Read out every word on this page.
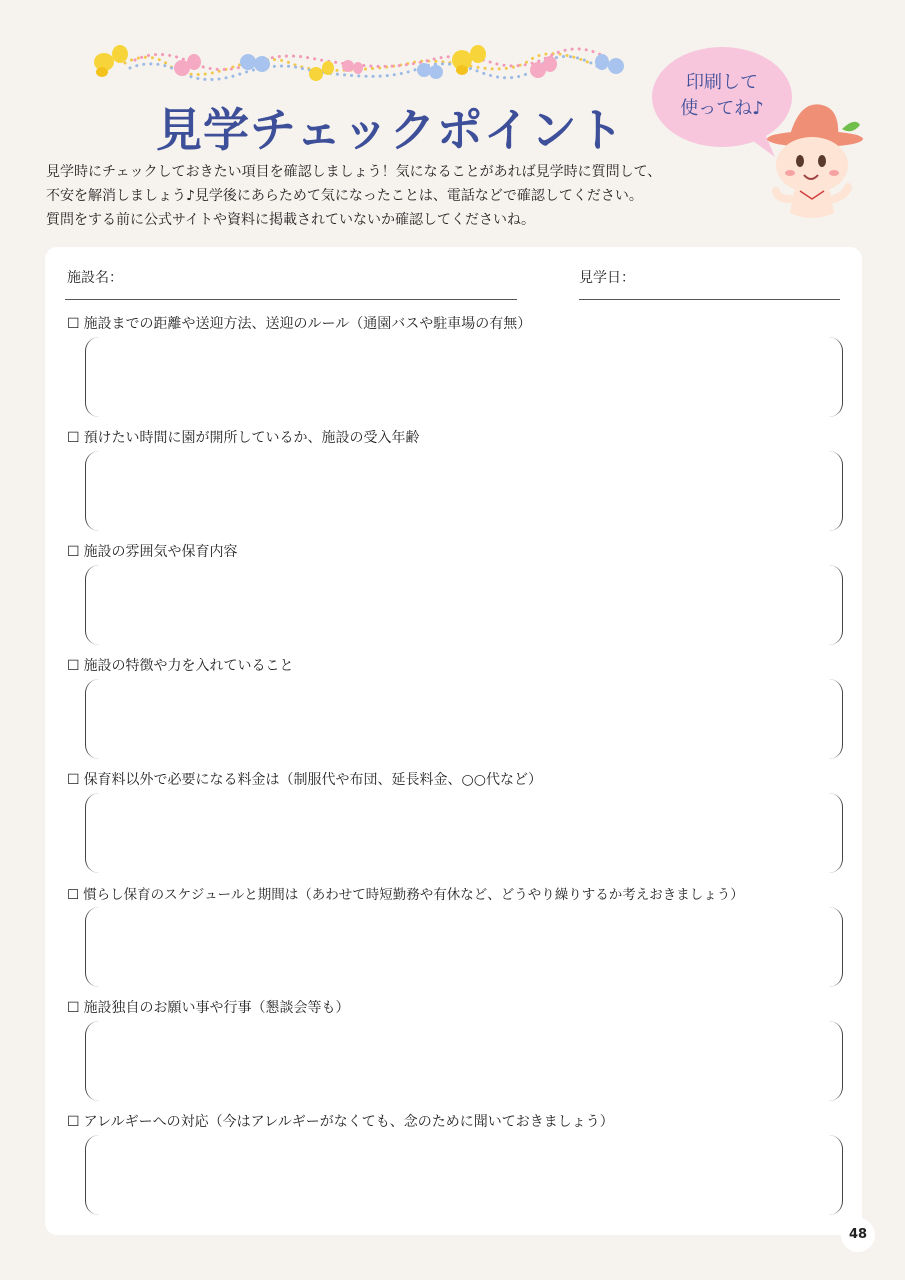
見学チェックポイント
印刷して
使ってね♪

見学時にチェックしておきたい項目を確認しましょう！気になることがあれば見学時に質問して、
不安を解消しましょう♪見学後にあらためて気になったことは、電話などで確認してください。
質問をする前に公式サイトや資料に掲載されていないか確認してくださいね。

施設名：	見学日：

☐ 施設までの距離や送迎方法、送迎のルール（通園バスや駐車場の有無）

☐ 預けたい時間に園が開所しているか、施設の受入年齢

☐ 施設の雰囲気や保育内容

☐ 施設の特徴や力を入れていること

☐ 保育料以外で必要になる料金は（制服代や布団、延長料金、○○代など）

☐ 慣らし保育のスケジュールと期間は（あわせて時短勤務や有休など、どうやり繰りするか考えおきましょう）

☐ 施設独自のお願い事や行事（懇談会等も）

☐ アレルギーへの対応（今はアレルギーがなくても、念のために聞いておきましょう）

48
